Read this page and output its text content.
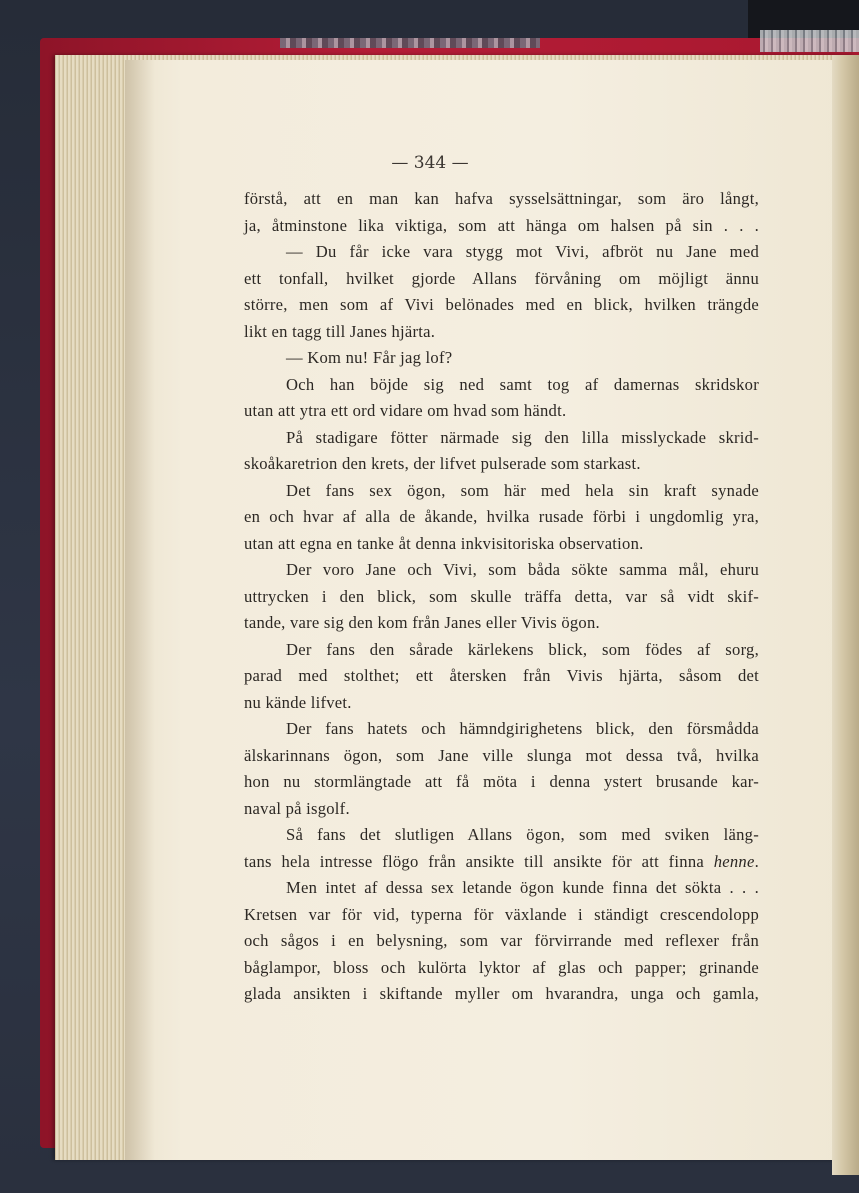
— 344 —
förstå, att en man kan hafva sysselsättningar, som äro långt,
ja, åtminstone lika viktiga, som att hänga om halsen på sin . . .
— Du får icke vara stygg mot Vivi, afbröt nu Jane med
ett tonfall, hvilket gjorde Allans förvåning om möjligt ännu
större, men som af Vivi belönades med en blick, hvilken trängde
likt en tagg till Janes hjärta.
— Kom nu! Får jag lof?
Och han böjde sig ned samt tog af damernas skridskor
utan att ytra ett ord vidare om hvad som händt.
På stadigare fötter närmade sig den lilla misslyckade skrid-
skoåkaretrion den krets, der lifvet pulserade som starkast.
Det fans sex ögon, som här med hela sin kraft synade
en och hvar af alla de åkande, hvilka rusade förbi i ungdomlig yra,
utan att egna en tanke åt denna inkvisitoriska observation.
Der voro Jane och Vivi, som båda sökte samma mål, ehuru
uttrycken i den blick, som skulle träffa detta, var så vidt skif-
tande, vare sig den kom från Janes eller Vivis ögon.
Der fans den sårade kärlekens blick, som födes af sorg,
parad med stolthet; ett återsken från Vivis hjärta, såsom det
nu kände lifvet.
Der fans hatets och hämndgirighetens blick, den försmådda
älskarinnans ögon, som Jane ville slunga mot dessa två, hvilka
hon nu stormlängtade att få möta i denna ystert brusande kar-
naval på isgolf.
Så fans det slutligen Allans ögon, som med sviken läng-
tans hela intresse flögo från ansikte till ansikte för att finna henne.
Men intet af dessa sex letande ögon kunde finna det sökta . . .
Kretsen var för vid, typerna för växlande i ständigt crescendolopp
och sågos i en belysning, som var förvirrande med reflexer från
båglampor, bloss och kulörta lyktor af glas och papper; grinande
glada ansikten i skiftande myller om hvarandra, unga och gamla,
